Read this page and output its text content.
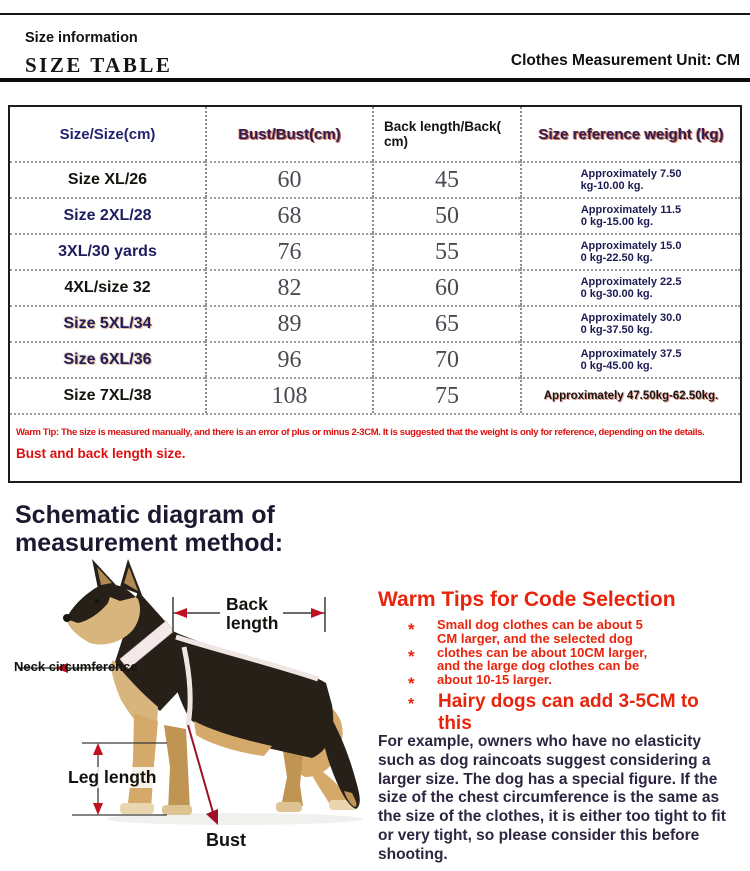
Size information
SIZE TABLE	Clothes Measurement Unit: CM
Size/Size(cm)	Bust/Bust(cm)	Back length/Back(
cm)	Size reference weight (kg)
Size XL/26	60	45	Approximately 7.50
kg-10.00 kg.
Size 2XL/28	68	50	Approximately 11.5
0 kg-15.00 kg.
3XL/30 yards	76	55	Approximately 15.0
0 kg-22.50 kg.
4XL/size 32	82	60	Approximately 22.5
0 kg-30.00 kg.
Size 5XL/34	89	65	Approximately 30.0
0 kg-37.50 kg.
Size 6XL/36	96	70	Approximately 37.5
0 kg-45.00 kg.
Size 7XL/38	108	75	Approximately 47.50kg-62.50kg.
Warm Tip: The size is measured manually, and there is an error of plus or minus 2-3CM. It is suggested that the weight is only for reference, depending on the details.
Bust and back length size.
Schematic diagram of
measurement method:
Back length
Neck circumference
Leg length
Bust
Warm Tips for Code Selection
*
*
*
Small dog clothes can be about 5 CM larger, and the selected dog clothes can be about 10CM larger, and the large dog clothes can be about 10-15 larger.
* Hairy dogs can add 3-5CM to this
For example, owners who have no elasticity such as dog raincoats suggest considering a larger size. The dog has a special figure. If the size of the chest circumference is the same as the size of the clothes, it is either too tight to fit or very tight, so please consider this before shooting.
